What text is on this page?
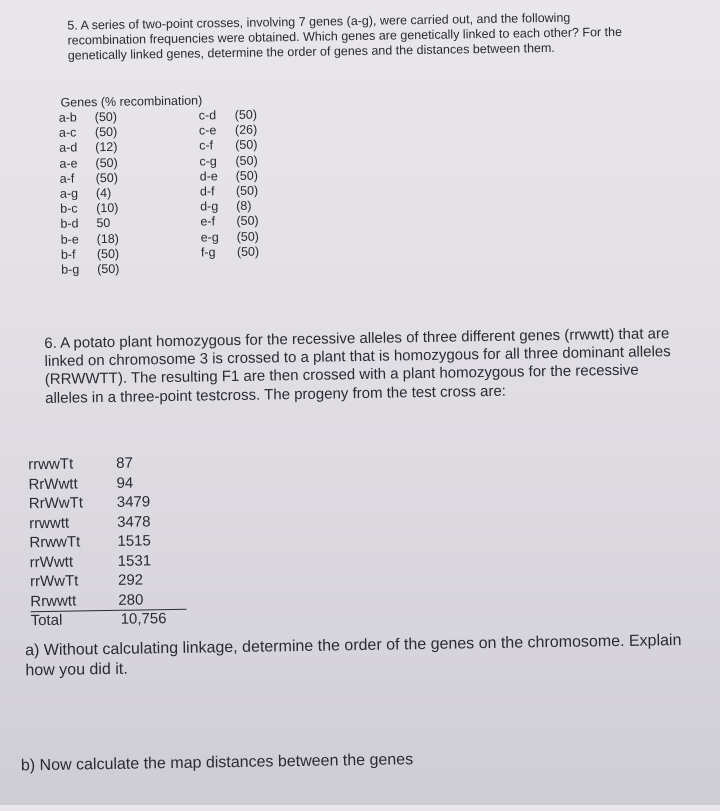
5. A series of two-point crosses, involving 7 genes (a-g), were carried out, and the following recombination frequencies were obtained. Which genes are genetically linked to each other? For the genetically linked genes, determine the order of genes and the distances between them.

Genes (% recombination)
a-b (50)
a-c (50)
a-d (12)
a-e (50)
a-f (50)
a-g (4)
b-c (10)
b-d 50
b-e (18)
b-f (50)
b-g (50)
c-d (50)
c-e (26)
c-f (50)
c-g (50)
d-e (50)
d-f (50)
d-g (8)
e-f (50)
e-g (50)
f-g (50)

6. A potato plant homozygous for the recessive alleles of three different genes (rrwwtt) that are linked on chromosome 3 is crossed to a plant that is homozygous for all three dominant alleles (RRWWTT). The resulting F1 are then crossed with a plant homozygous for the recessive alleles in a three-point testcross. The progeny from the test cross are:

rrwwTt	87
RrWwtt	94
RrWwTt 3479
rrwwtt	3478
RrwwTt 1515
rrWwtt	1531
rrWwTt	292
Rrwwtt	280
Total	10,756

a) Without calculating linkage, determine the order of the genes on the chromosome. Explain how you did it.

b) Now calculate the map distances between the genes
